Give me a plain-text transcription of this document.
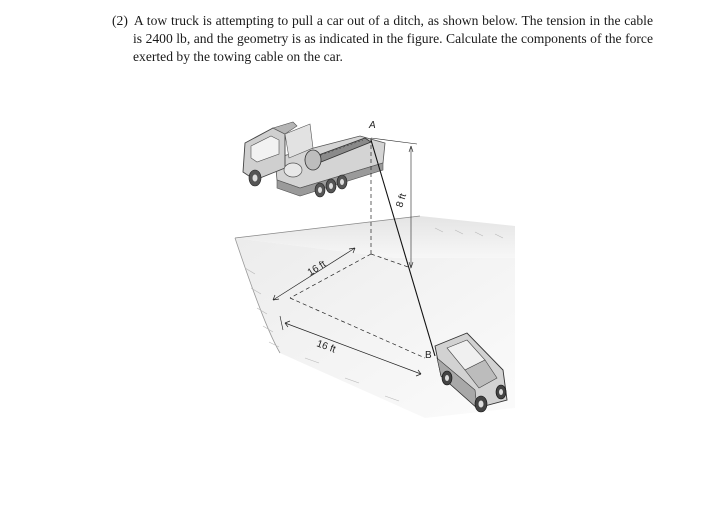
(2) A tow truck is attempting to pull a car out of a ditch, as shown below. The tension in the cable is 2400 lb, and the geometry is as indicated in the figure. Calculate the components of the force exerted by the towing cable on the car.
A
B
8 ft
16 ft
16 ft
